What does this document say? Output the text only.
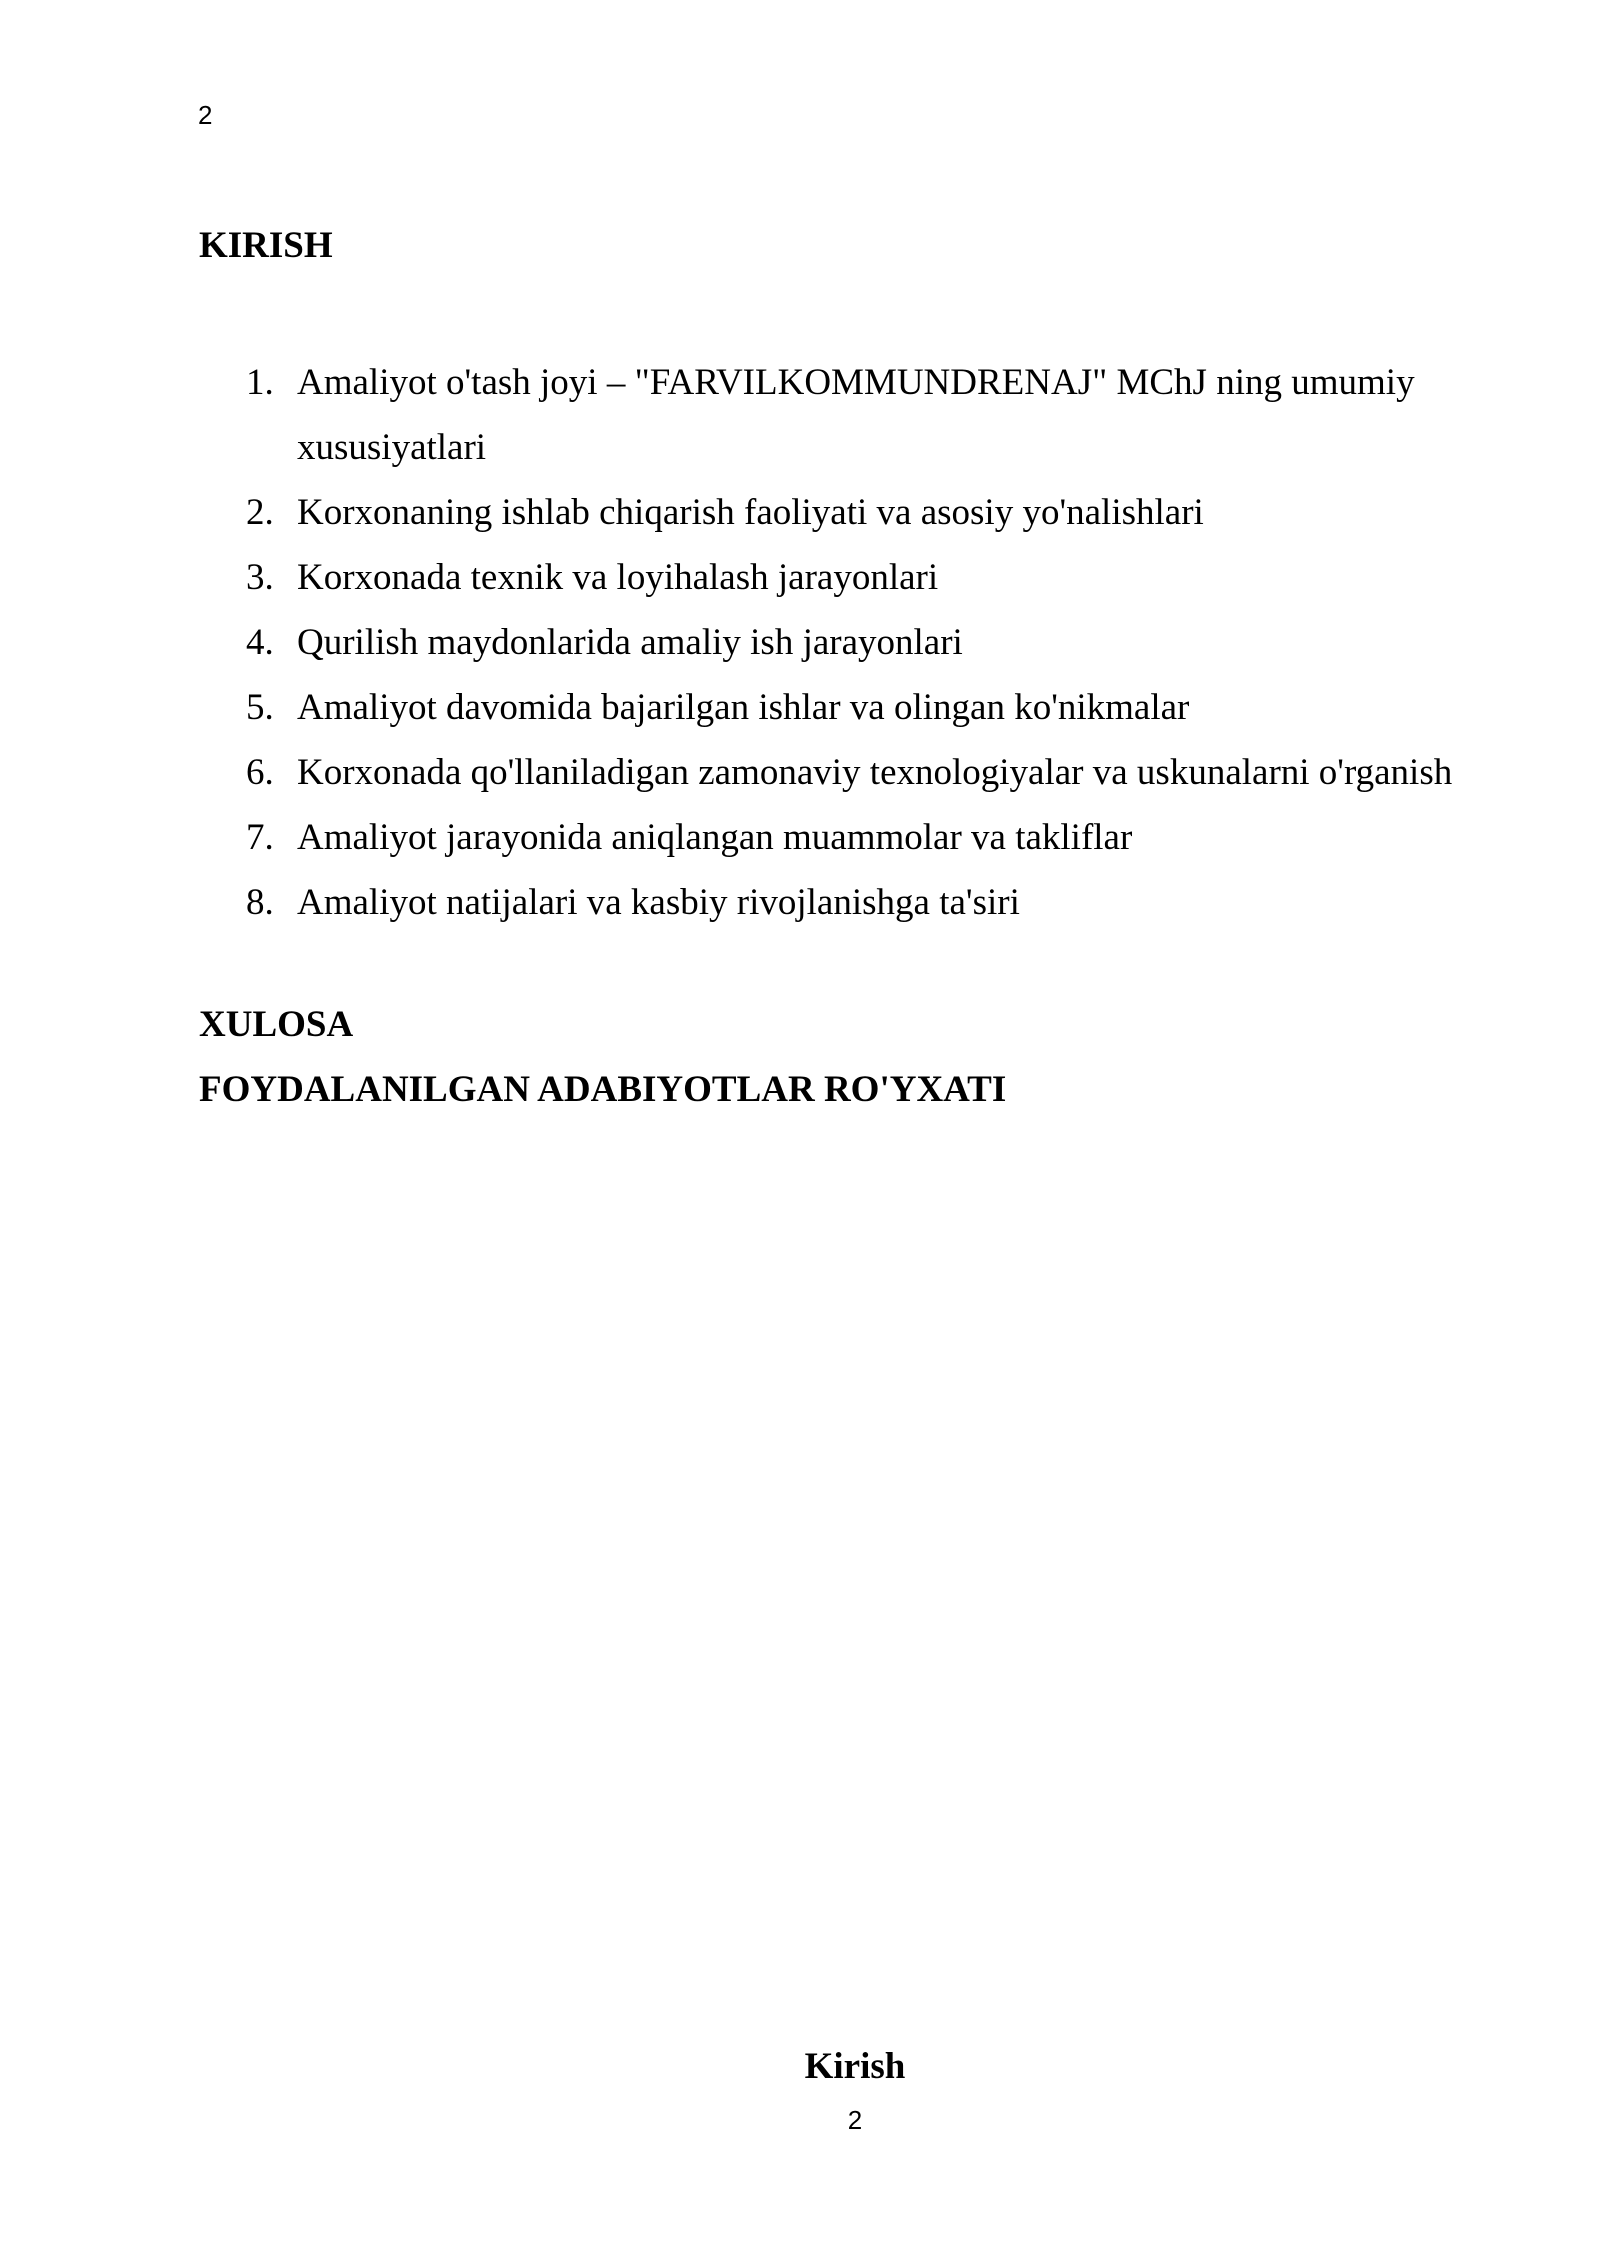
2
KIRISH
1. Amaliyot o'tash joyi – "FARVILKOMMUNDRENAJ" MChJ ning umumiy xususiyatlari
2. Korxonaning ishlab chiqarish faoliyati va asosiy yo'nalishlari
3. Korxonada texnik va loyihalash jarayonlari
4. Qurilish maydonlarida amaliy ish jarayonlari
5. Amaliyot davomida bajarilgan ishlar va olingan ko'nikmalar
6. Korxonada qo'llaniladigan zamonaviy texnologiyalar va uskunalarni o'rganish
7. Amaliyot jarayonida aniqlangan muammolar va takliflar
8. Amaliyot natijalari va kasbiy rivojlanishga ta'siri
XULOSA
FOYDALANILGAN ADABIYOTLAR RO'YXATI
Kirish
2
